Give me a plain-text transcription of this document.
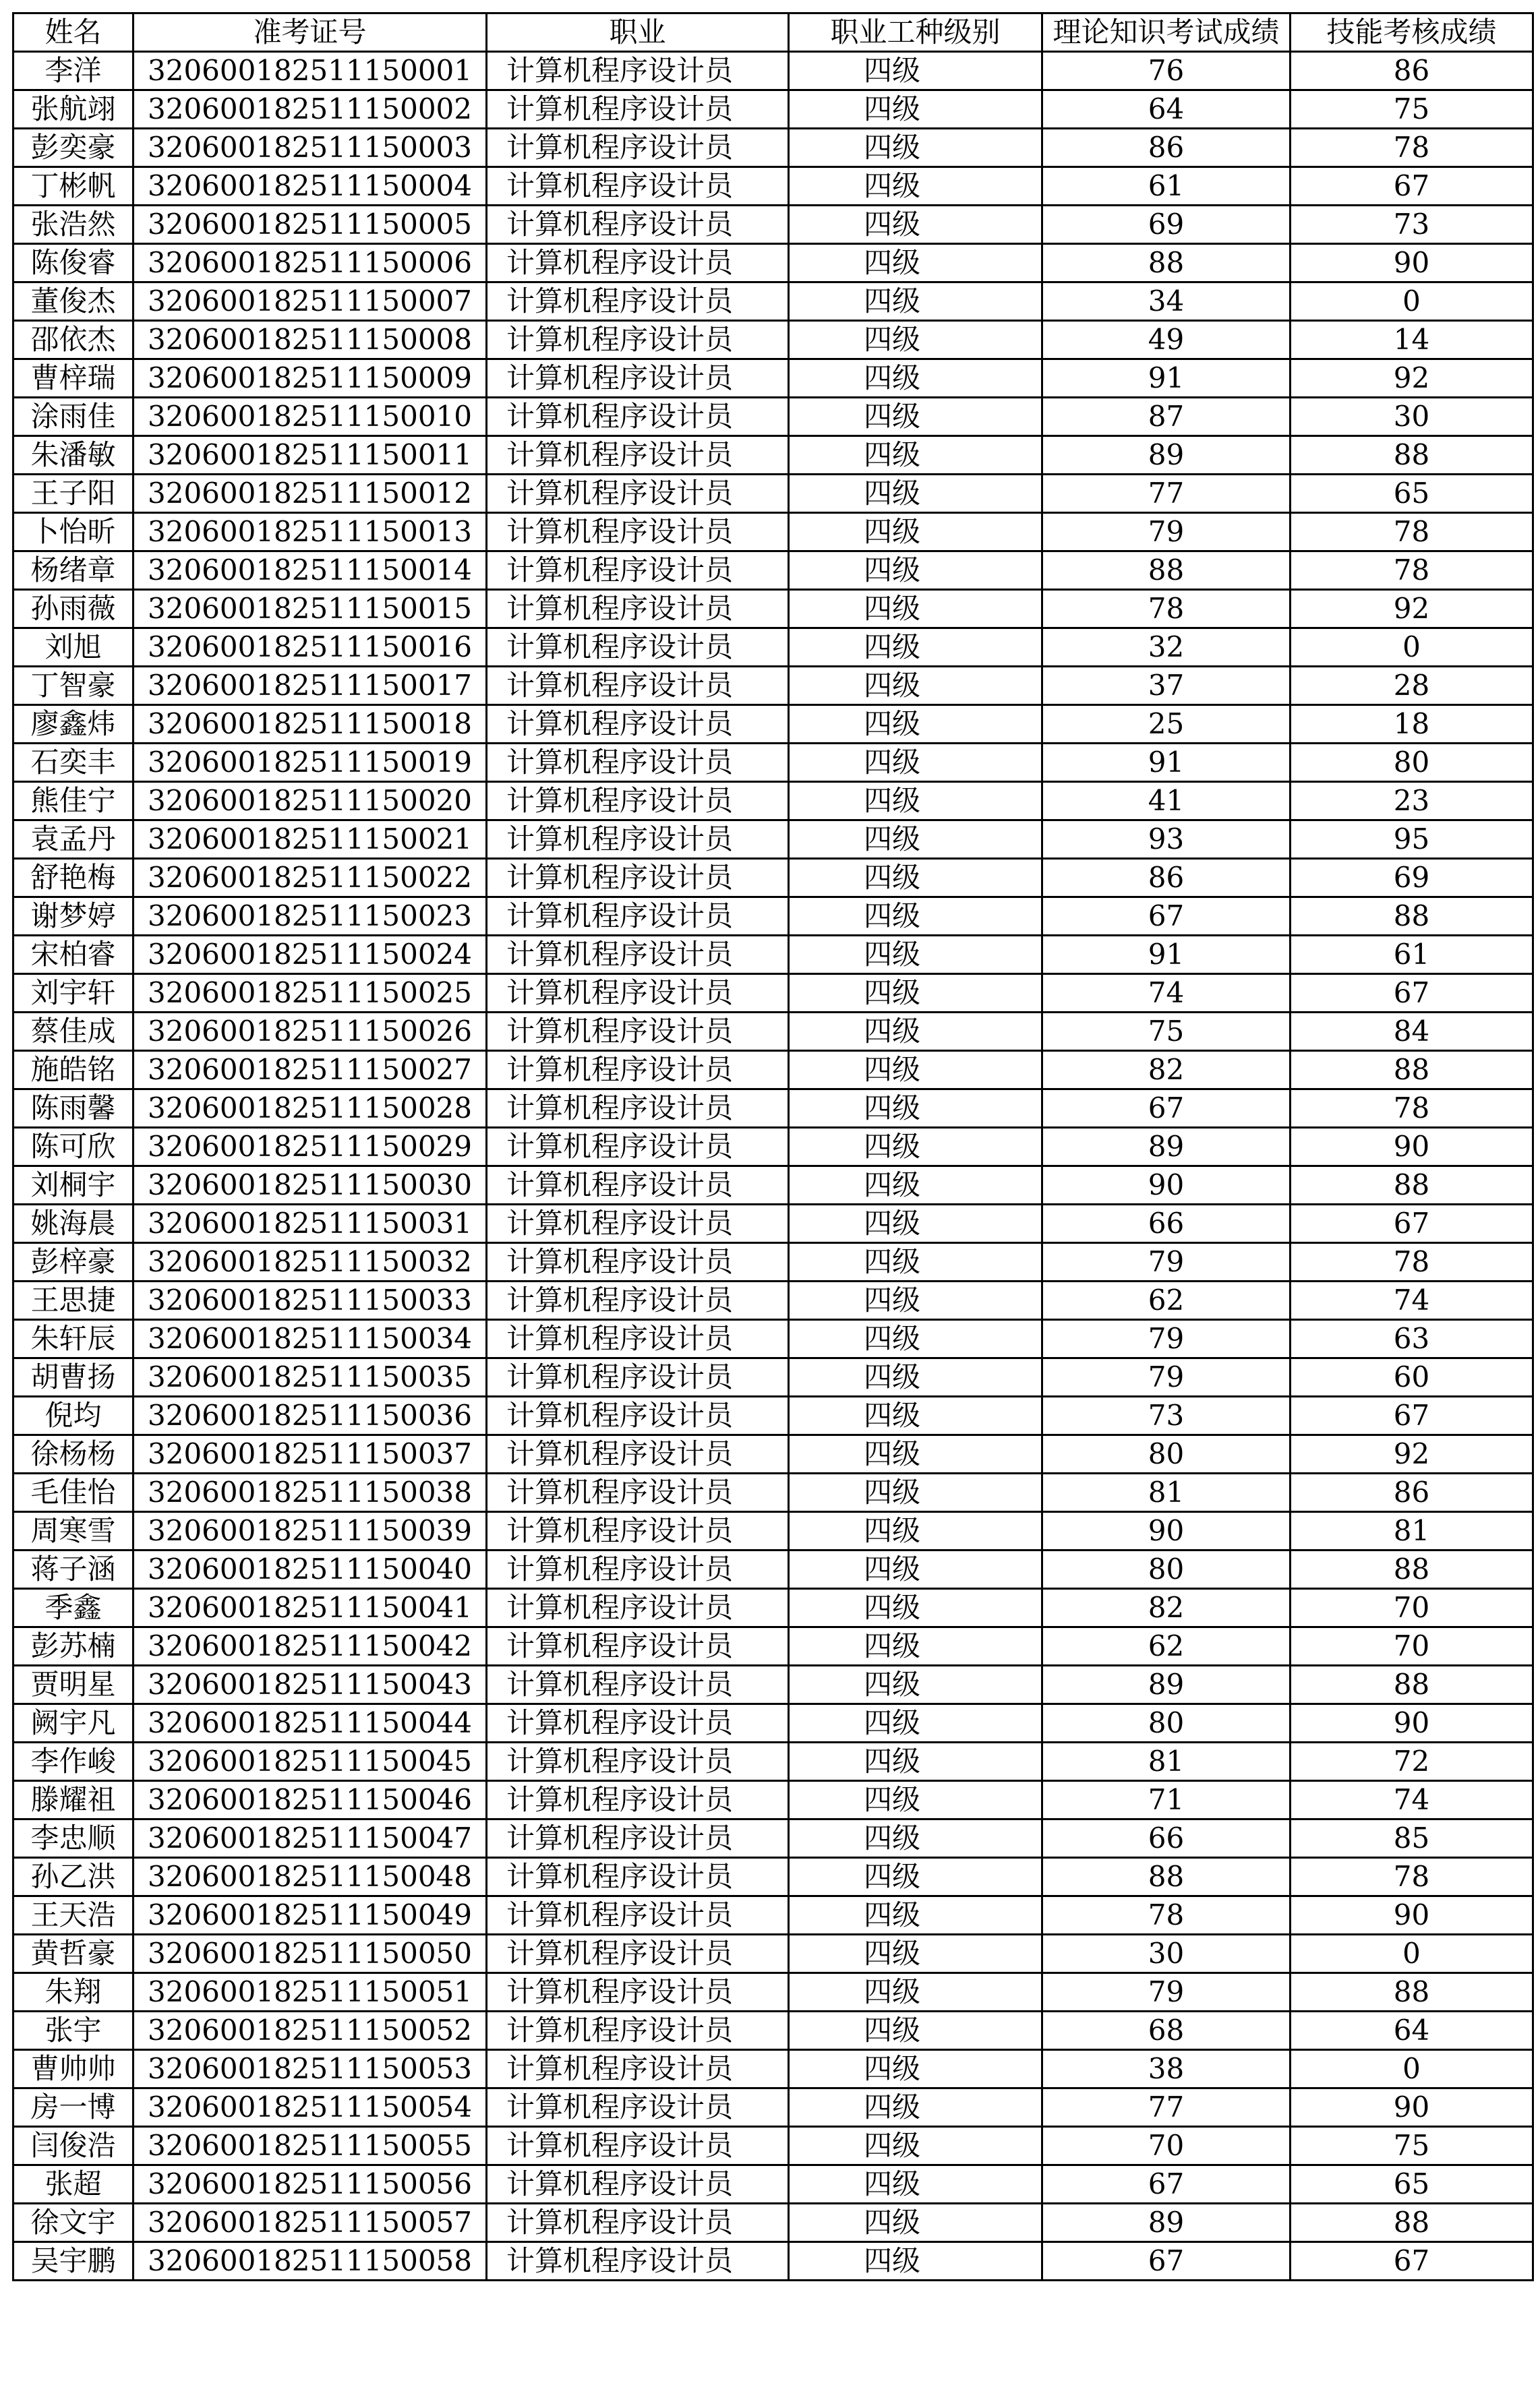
姓名	准考证号	职业	职业工种级别	理论知识考试成绩	技能考核成绩
李洋	320600182511150001	计算机程序设计员	四级	76	86
张航翊	320600182511150002	计算机程序设计员	四级	64	75
彭奕豪	320600182511150003	计算机程序设计员	四级	86	78
丁彬帆	320600182511150004	计算机程序设计员	四级	61	67
张浩然	320600182511150005	计算机程序设计员	四级	69	73
陈俊睿	320600182511150006	计算机程序设计员	四级	88	90
董俊杰	320600182511150007	计算机程序设计员	四级	34	0
邵依杰	320600182511150008	计算机程序设计员	四级	49	14
曹梓瑞	320600182511150009	计算机程序设计员	四级	91	92
涂雨佳	320600182511150010	计算机程序设计员	四级	87	30
朱潘敏	320600182511150011	计算机程序设计员	四级	89	88
王子阳	320600182511150012	计算机程序设计员	四级	77	65
卜怡昕	320600182511150013	计算机程序设计员	四级	79	78
杨绪章	320600182511150014	计算机程序设计员	四级	88	78
孙雨薇	320600182511150015	计算机程序设计员	四级	78	92
刘旭	320600182511150016	计算机程序设计员	四级	32	0
丁智豪	320600182511150017	计算机程序设计员	四级	37	28
廖鑫炜	320600182511150018	计算机程序设计员	四级	25	18
石奕丰	320600182511150019	计算机程序设计员	四级	91	80
熊佳宁	320600182511150020	计算机程序设计员	四级	41	23
袁孟丹	320600182511150021	计算机程序设计员	四级	93	95
舒艳梅	320600182511150022	计算机程序设计员	四级	86	69
谢梦婷	320600182511150023	计算机程序设计员	四级	67	88
宋柏睿	320600182511150024	计算机程序设计员	四级	91	61
刘宇轩	320600182511150025	计算机程序设计员	四级	74	67
蔡佳成	320600182511150026	计算机程序设计员	四级	75	84
施皓铭	320600182511150027	计算机程序设计员	四级	82	88
陈雨馨	320600182511150028	计算机程序设计员	四级	67	78
陈可欣	320600182511150029	计算机程序设计员	四级	89	90
刘桐宇	320600182511150030	计算机程序设计员	四级	90	88
姚海晨	320600182511150031	计算机程序设计员	四级	66	67
彭梓豪	320600182511150032	计算机程序设计员	四级	79	78
王思捷	320600182511150033	计算机程序设计员	四级	62	74
朱轩辰	320600182511150034	计算机程序设计员	四级	79	63
胡曹扬	320600182511150035	计算机程序设计员	四级	79	60
倪均	320600182511150036	计算机程序设计员	四级	73	67
徐杨杨	320600182511150037	计算机程序设计员	四级	80	92
毛佳怡	320600182511150038	计算机程序设计员	四级	81	86
周寒雪	320600182511150039	计算机程序设计员	四级	90	81
蒋子涵	320600182511150040	计算机程序设计员	四级	80	88
季鑫	320600182511150041	计算机程序设计员	四级	82	70
彭苏楠	320600182511150042	计算机程序设计员	四级	62	70
贾明星	320600182511150043	计算机程序设计员	四级	89	88
阙宇凡	320600182511150044	计算机程序设计员	四级	80	90
李作峻	320600182511150045	计算机程序设计员	四级	81	72
滕耀祖	320600182511150046	计算机程序设计员	四级	71	74
李忠顺	320600182511150047	计算机程序设计员	四级	66	85
孙乙洪	320600182511150048	计算机程序设计员	四级	88	78
王天浩	320600182511150049	计算机程序设计员	四级	78	90
黄哲豪	320600182511150050	计算机程序设计员	四级	30	0
朱翔	320600182511150051	计算机程序设计员	四级	79	88
张宇	320600182511150052	计算机程序设计员	四级	68	64
曹帅帅	320600182511150053	计算机程序设计员	四级	38	0
房一博	320600182511150054	计算机程序设计员	四级	77	90
闫俊浩	320600182511150055	计算机程序设计员	四级	70	75
张超	320600182511150056	计算机程序设计员	四级	67	65
徐文宇	320600182511150057	计算机程序设计员	四级	89	88
吴宇鹏	320600182511150058	计算机程序设计员	四级	67	67
